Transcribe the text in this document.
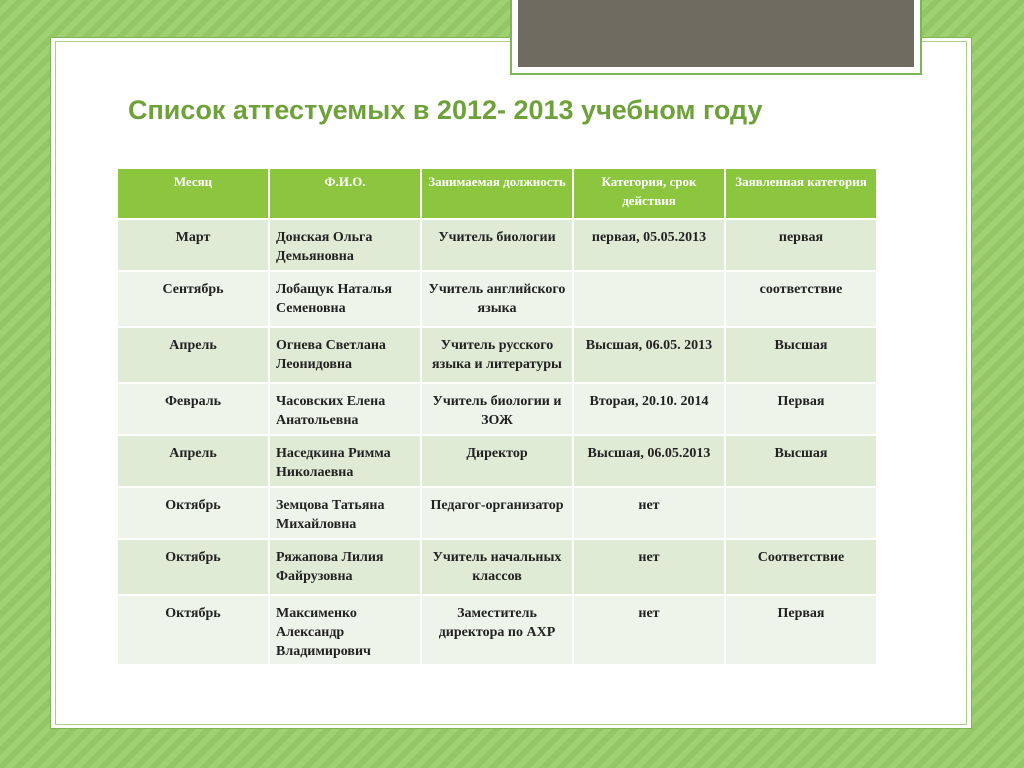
Список аттестуемых в 2012- 2013 учебном году
Месяц	Ф.И.О.	Занимаемая должность	Категория, срок действия	Заявленная категория
Март	Донская Ольга Демьяновна	Учитель биологии	первая, 05.05.2013	первая
Сентябрь	Лобащук Наталья Семеновна	Учитель английского языка		соответствие
Апрель	Огнева Светлана Леонидовна	Учитель русского языка и литературы	Высшая, 06.05. 2013	Высшая
Февраль	Часовских Елена Анатольевна	Учитель биологии и ЗОЖ	Вторая, 20.10. 2014	Первая
Апрель	Наседкина Римма Николаевна	Директор	Высшая, 06.05.2013	Высшая
Октябрь	Земцова Татьяна Михайловна	Педагог-организатор	нет	
Октябрь	Ряжапова Лилия Файрузовна	Учитель начальных классов	нет	Соответствие
Октябрь	Максименко Александр Владимирович	Заместитель директора по АХР	нет	Первая
